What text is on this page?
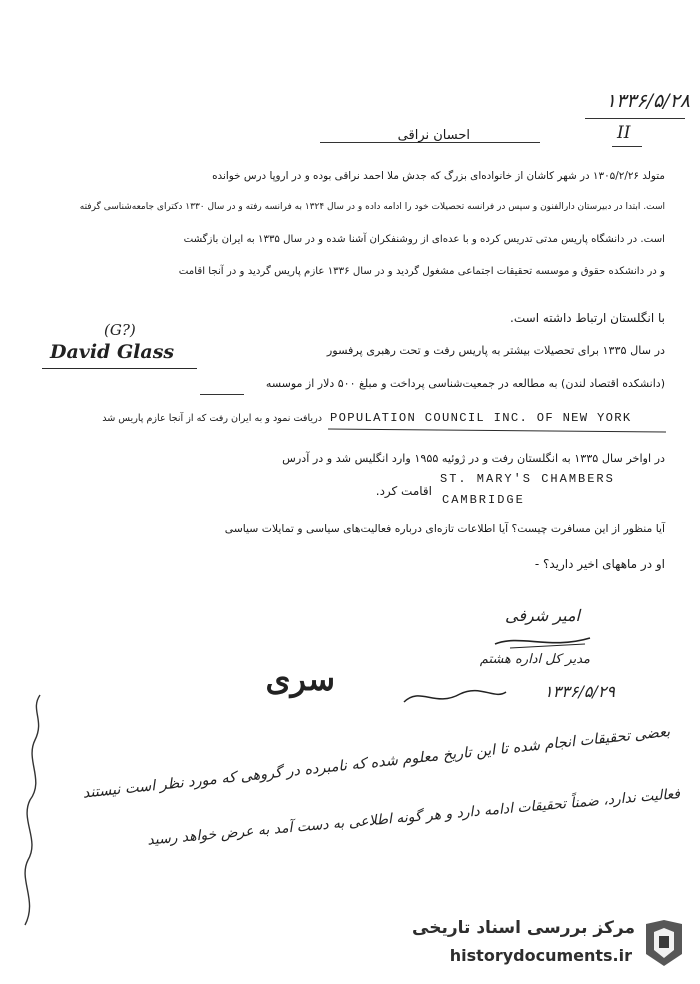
۱۳۳۶/۵/۲۸
احسان نراقی	II
متولد ۱۳۰۵/۲/۲۶ در شهر کاشان از خانواده‌ای بزرگ که جدش ملا احمد نراقی بوده و در اروپا درس خوانده
است. ابتدا در دبیرستان دارالفنون و سپس در فرانسه تحصیلات خود را ادامه داده و در سال ۱۳۲۴ به فرانسه رفته و در سال ۱۳۳۰ دکترای جامعه‌شناسی گرفته
است. در دانشگاه پاریس مدتی تدریس کرده و با عده‌ای از روشنفکران آشنا شده و در سال ۱۳۳۵ به ایران بازگشت
و در دانشکده حقوق و موسسه تحقیقات اجتماعی مشغول گردید و در سال ۱۳۳۶ عازم پاریس گردید و در آنجا اقامت
با انگلستان ارتباط داشته است.
(G?)
David Glass	در سال ۱۳۳۵ برای تحصیلات بیشتر به پاریس رفت و تحت رهبری پرفسور
(دانشکده اقتصاد لندن) به مطالعه در جمعیت‌شناسی پرداخت و مبلغ ۵۰۰ دلار از موسسه
POPULATION COUNCIL INC. OF NEW YORK
دریافت نمود و به ایران رفت که از آنجا عازم پاریس شد
در اواخر سال ۱۳۳۵ به انگلستان رفت و در ژوئیه ۱۹۵۵ وارد انگلیس شد و در آدرس
ST. MARY'S CHAMBERS
CAMBRIDGE
اقامت کرد.
آیا منظور از این مسافرت چیست؟ آیا اطلاعات تازه‌ای درباره فعالیت‌های سیاسی و تمایلات سیاسی
او در ماههای اخیر دارید؟ -
امیر شرفی
مدیر کل اداره هشتم
۱۳۳۶/۵/۲۹
سری
بعضی تحقیقات انجام شده تا این تاریخ معلوم شده که نامبرده در گروهی که مورد نظر است نیستند
فعالیت ندارد، ضمناً تحقیقات ادامه دارد و هر گونه اطلاعی به دست آمد به عرض خواهد رسید
مرکز بررسی اسناد تاریخی
historydocuments.ir
